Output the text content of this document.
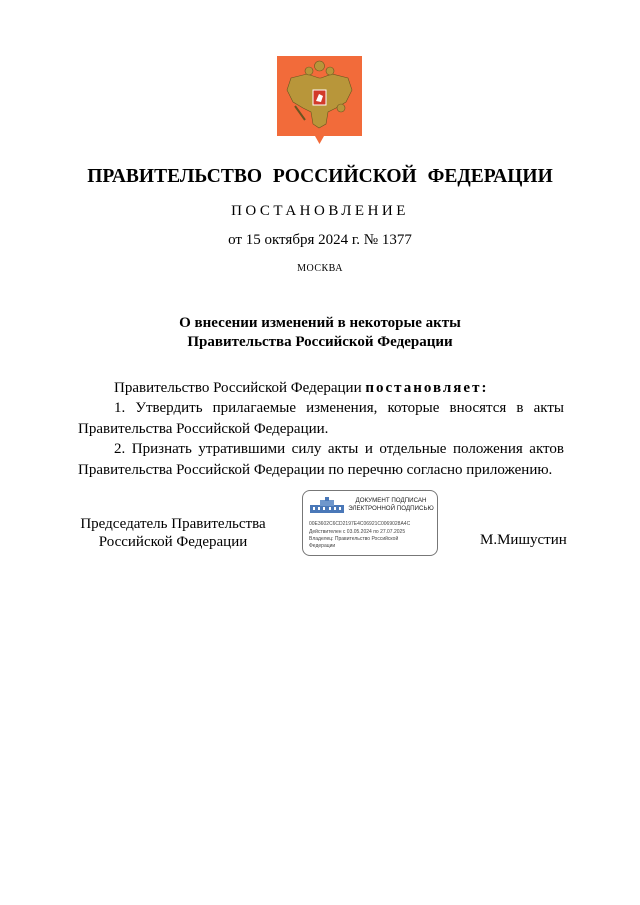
ПРАВИТЕЛЬСТВО РОССИЙСКОЙ ФЕДЕРАЦИИ
ПОСТАНОВЛЕНИЕ
от 15 октября 2024 г. № 1377
МОСКВА
О внесении изменений в некоторые акты
Правительства Российской Федерации
Правительство Российской Федерации постановляет:
1. Утвердить прилагаемые изменения, которые вносятся в акты Правительства Российской Федерации.
2. Признать утратившими силу акты и отдельные положения актов Правительства Российской Федерации по перечню согласно приложению.
Председатель Правительства
Российской Федерации
ДОКУМЕНТ ПОДПИСАН
ЭЛЕКТРОННОЙ ПОДПИСЬЮ
00E3602C6CD2197E4C06921C0069028A4C
Действителен с 03.05.2024 по 27.07.2025
Владелец: Правительство Российской
Федерации	М.Мишустин
